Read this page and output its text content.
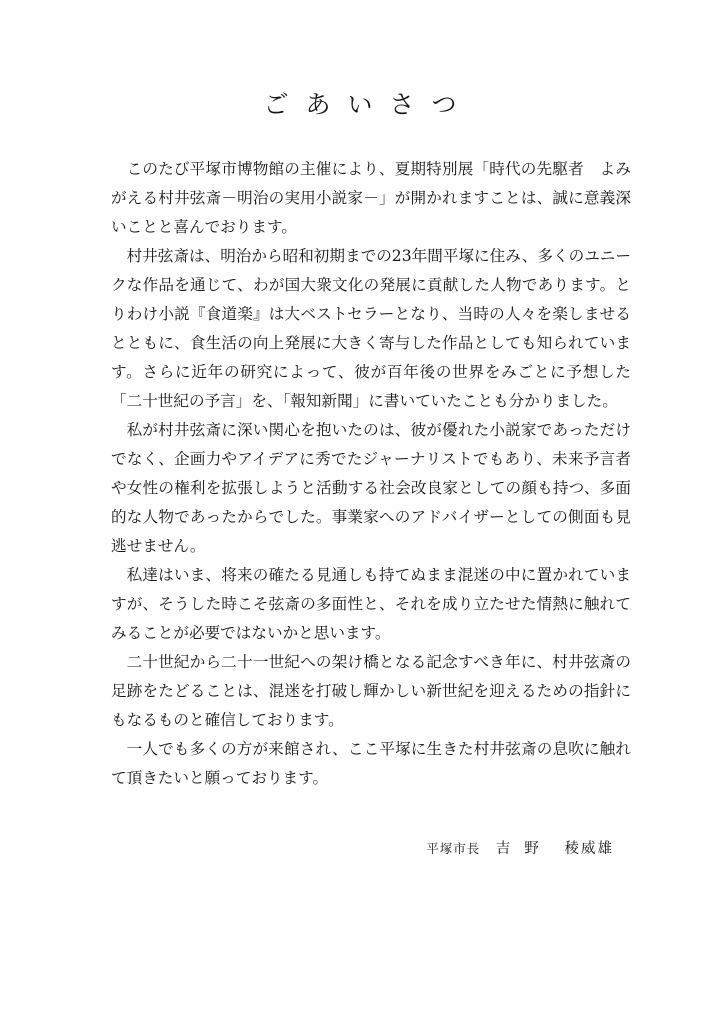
ごあいさつ

このたび平塚市博物館の主催により、夏期特別展「時代の先駆者　よみがえる村井弦斎－明治の実用小説家－」が開かれますことは、誠に意義深いことと喜んでおります。

村井弦斎は、明治から昭和初期までの23年間平塚に住み、多くのユニークな作品を通じて、わが国大衆文化の発展に貢献した人物であります。とりわけ小説『食道楽』は大ベストセラーとなり、当時の人々を楽しませるとともに、食生活の向上発展に大きく寄与した作品としても知られています。さらに近年の研究によって、彼が百年後の世界をみごとに予想した「二十世紀の予言」を、「報知新聞」に書いていたことも分かりました。

私が村井弦斎に深い関心を抱いたのは、彼が優れた小説家であっただけでなく、企画力やアイデアに秀でたジャーナリストでもあり、未来予言者や女性の権利を拡張しようと活動する社会改良家としての顔も持つ、多面的な人物であったからでした。事業家へのアドバイザーとしての側面も見逃せません。

私達はいま、将来の確たる見通しも持てぬまま混迷の中に置かれていますが、そうした時こそ弦斎の多面性と、それを成り立たせた情熱に触れてみることが必要ではないかと思います。

二十世紀から二十一世紀への架け橋となる記念すべき年に、村井弦斎の足跡をたどることは、混迷を打破し輝かしい新世紀を迎えるための指針にもなるものと確信しております。

一人でも多くの方が来館され、ここ平塚に生きた村井弦斎の息吹に触れて頂きたいと願っております。

平塚市長 吉野 稜威雄
